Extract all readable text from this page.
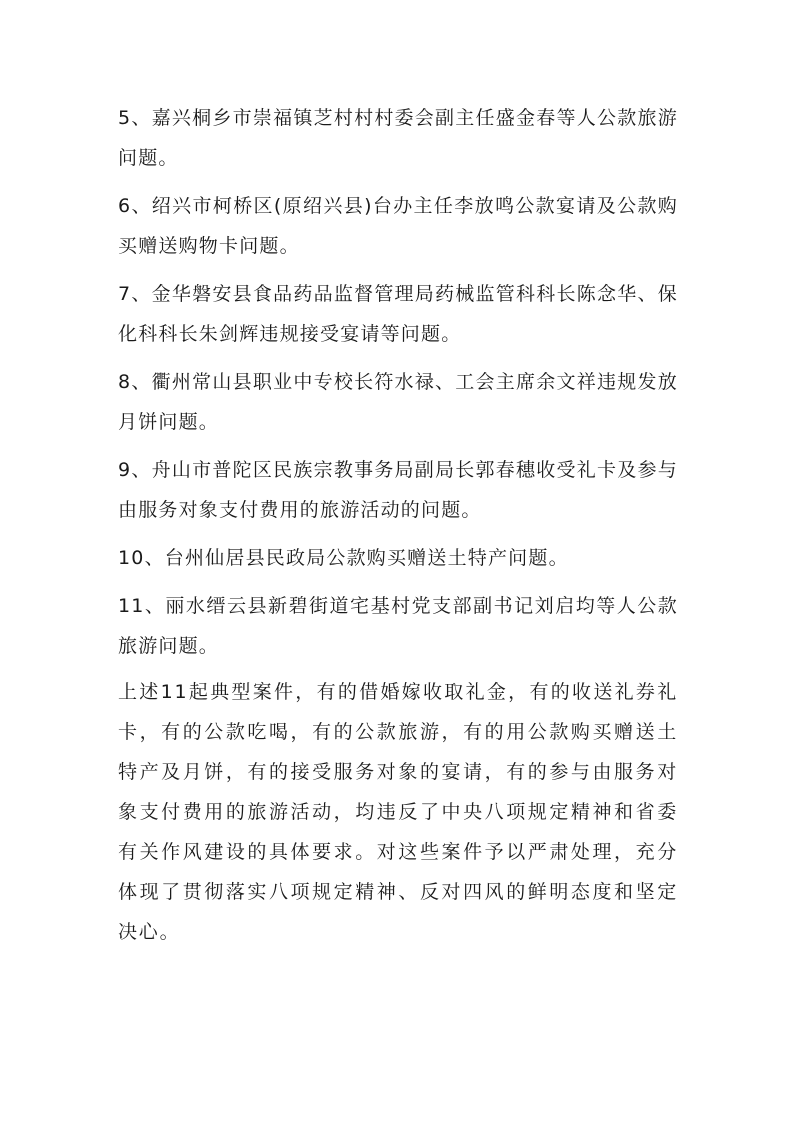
5、嘉兴桐乡市崇福镇芝村村村委会副主任盛金春等人公款旅游问题。

6、绍兴市柯桥区(原绍兴县)台办主任李放鸣公款宴请及公款购买赠送购物卡问题。

7、金华磐安县食品药品监督管理局药械监管科科长陈念华、保化科科长朱剑辉违规接受宴请等问题。

8、衢州常山县职业中专校长符水禄、工会主席余文祥违规发放月饼问题。

9、舟山市普陀区民族宗教事务局副局长郭春穗收受礼卡及参与由服务对象支付费用的旅游活动的问题。

10、台州仙居县民政局公款购买赠送土特产问题。

11、丽水缙云县新碧街道宅基村党支部副书记刘启均等人公款旅游问题。

上述11起典型案件，有的借婚嫁收取礼金，有的收送礼券礼卡，有的公款吃喝，有的公款旅游，有的用公款购买赠送土特产及月饼，有的接受服务对象的宴请，有的参与由服务对象支付费用的旅游活动，均违反了中央八项规定精神和省委有关作风建设的具体要求。对这些案件予以严肃处理，充分体现了贯彻落实八项规定精神、反对四风的鲜明态度和坚定决心。
